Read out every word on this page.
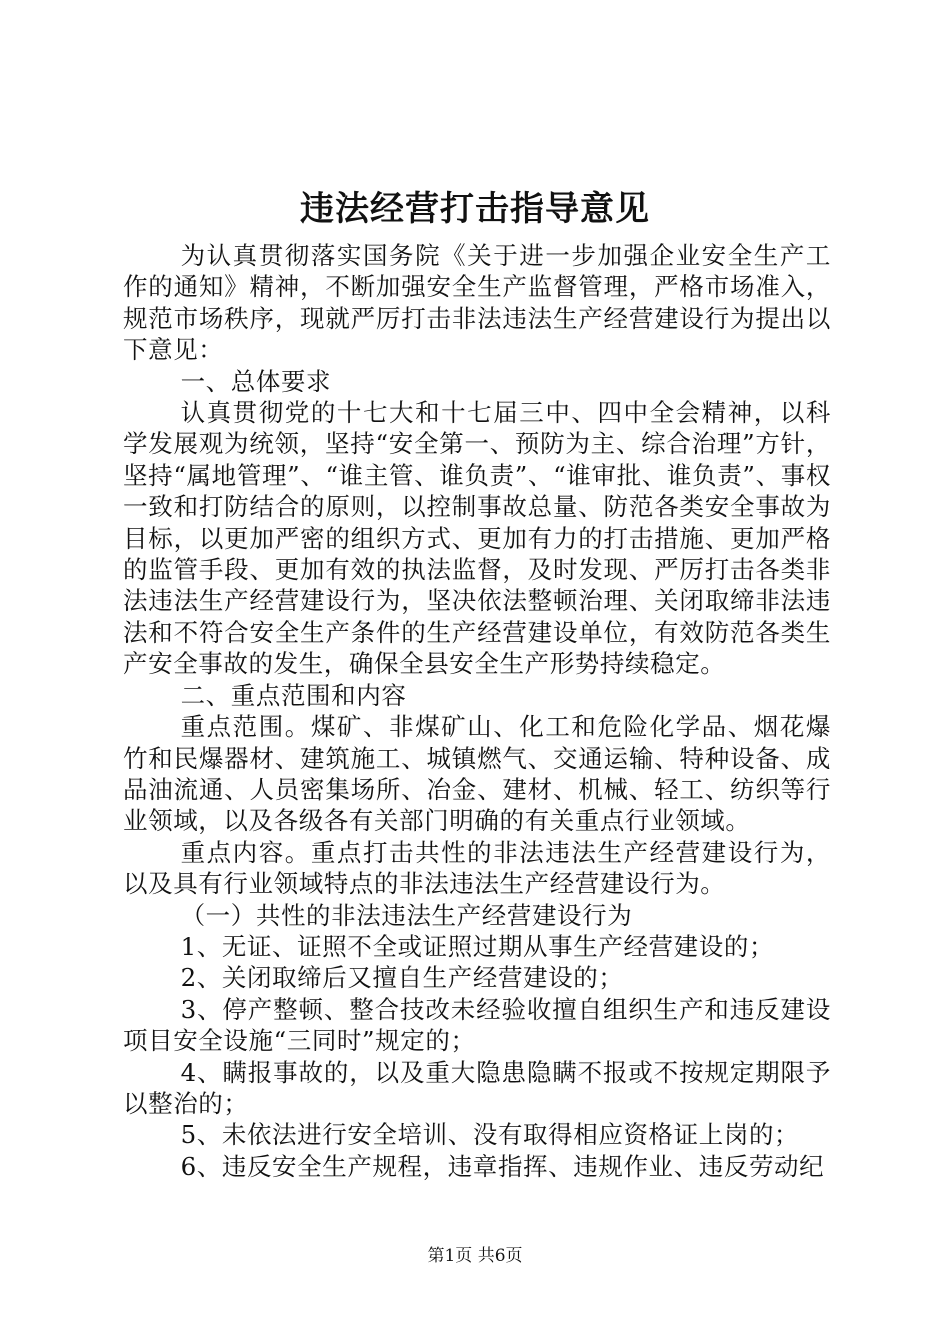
违法经营打击指导意见

为认真贯彻落实国务院《关于进一步加强企业安全生产工作的通知》精神，不断加强安全生产监督管理，严格市场准入，规范市场秩序，现就严厉打击非法违法生产经营建设行为提出以下意见：

一、总体要求

认真贯彻党的十七大和十七届三中、四中全会精神，以科学发展观为统领，坚持“安全第一、预防为主、综合治理”方针，坚持“属地管理”、“谁主管、谁负责”、“谁审批、谁负责”、事权一致和打防结合的原则，以控制事故总量、防范各类安全事故为目标，以更加严密的组织方式、更加有力的打击措施、更加严格的监管手段、更加有效的执法监督，及时发现、严厉打击各类非法违法生产经营建设行为，坚决依法整顿治理、关闭取缔非法违法和不符合安全生产条件的生产经营建设单位，有效防范各类生产安全事故的发生，确保全县安全生产形势持续稳定。

二、重点范围和内容

重点范围。煤矿、非煤矿山、化工和危险化学品、烟花爆竹和民爆器材、建筑施工、城镇燃气、交通运输、特种设备、成品油流通、人员密集场所、冶金、建材、机械、轻工、纺织等行业领域，以及各级各有关部门明确的有关重点行业领域。

重点内容。重点打击共性的非法违法生产经营建设行为，以及具有行业领域特点的非法违法生产经营建设行为。

（一）共性的非法违法生产经营建设行为

1、无证、证照不全或证照过期从事生产经营建设的；

2、关闭取缔后又擅自生产经营建设的；

3、停产整顿、整合技改未经验收擅自组织生产和违反建设项目安全设施“三同时”规定的；

4、瞒报事故的，以及重大隐患隐瞒不报或不按规定期限予以整治的；

5、未依法进行安全培训、没有取得相应资格证上岗的；

6、违反安全生产规程，违章指挥、违规作业、违反劳动纪

第1页 共6页
